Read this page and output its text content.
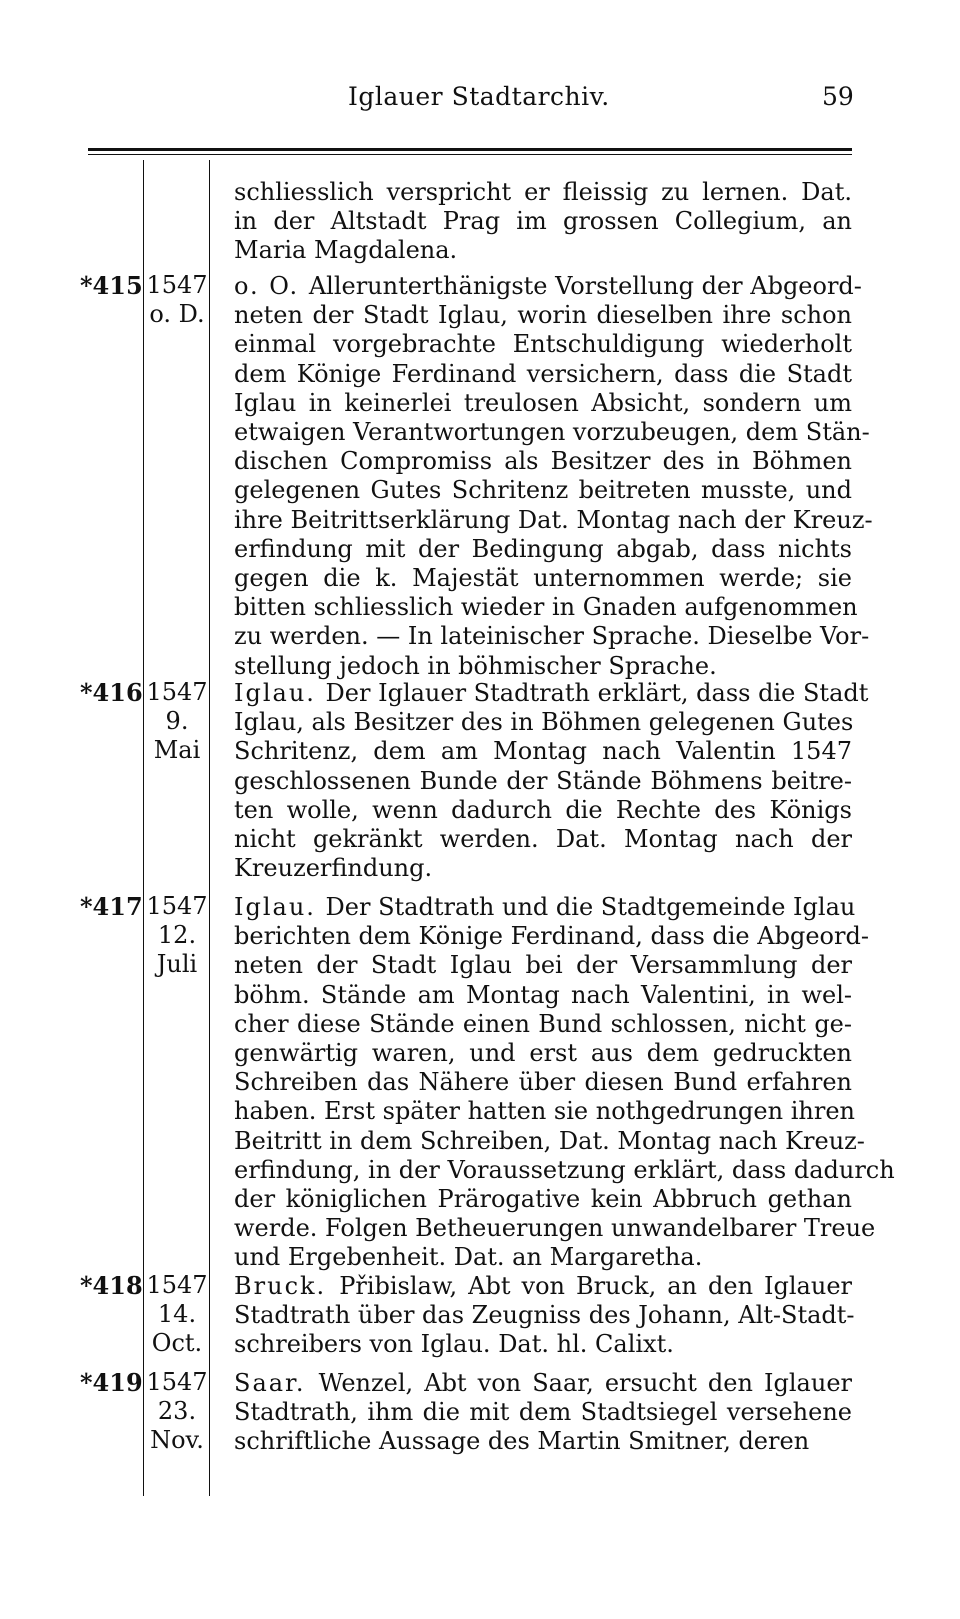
Iglauer Stadtarchiv.	59
schliesslich verspricht er fleissig zu lernen. Dat.
in der Altstadt Prag im grossen Collegium, an
Maria Magdalena.
*415 1547
o. D.
o. O. Allerunterthänigste Vorstellung der Abgeord-
neten der Stadt Iglau, worin dieselben ihre schon
einmal vorgebrachte Entschuldigung wiederholt
dem Könige Ferdinand versichern, dass die Stadt
Iglau in keinerlei treulosen Absicht, sondern um
etwaigen Verantwortungen vorzubeugen, dem Stän-
dischen Compromiss als Besitzer des in Böhmen
gelegenen Gutes Schritenz beitreten musste, und
ihre Beitrittserklärung Dat. Montag nach der Kreuz-
erfindung mit der Bedingung abgab, dass nichts
gegen die k. Majestät unternommen werde; sie
bitten schliesslich wieder in Gnaden aufgenommen
zu werden. — In lateinischer Sprache. Dieselbe Vor-
stellung jedoch in böhmischer Sprache.
*416 1547
9.
Mai
Iglau. Der Iglauer Stadtrath erklärt, dass die Stadt
Iglau, als Besitzer des in Böhmen gelegenen Gutes
Schritenz, dem am Montag nach Valentin 1547
geschlossenen Bunde der Stände Böhmens beitre-
ten wolle, wenn dadurch die Rechte des Königs
nicht gekränkt werden. Dat. Montag nach der
Kreuzerfindung.
*417 1547
12.
Juli
Iglau. Der Stadtrath und die Stadtgemeinde Iglau
berichten dem Könige Ferdinand, dass die Abgeord-
neten der Stadt Iglau bei der Versammlung der
böhm. Stände am Montag nach Valentini, in wel-
cher diese Stände einen Bund schlossen, nicht ge-
genwärtig waren, und erst aus dem gedruckten
Schreiben das Nähere über diesen Bund erfahren
haben. Erst später hatten sie nothgedrungen ihren
Beitritt in dem Schreiben, Dat. Montag nach Kreuz-
erfindung, in der Voraussetzung erklärt, dass dadurch
der königlichen Prärogative kein Abbruch gethan
werde. Folgen Betheuerungen unwandelbarer Treue
und Ergebenheit. Dat. an Margaretha.
*418 1547
14.
Oct.
Bruck. Přibislaw, Abt von Bruck, an den Iglauer
Stadtrath über das Zeugniss des Johann, Alt-Stadt-
schreibers von Iglau. Dat. hl. Calixt.
*419 1547
23.
Nov.
Saar. Wenzel, Abt von Saar, ersucht den Iglauer
Stadtrath, ihm die mit dem Stadtsiegel versehene
schriftliche Aussage des Martin Smitner, deren
